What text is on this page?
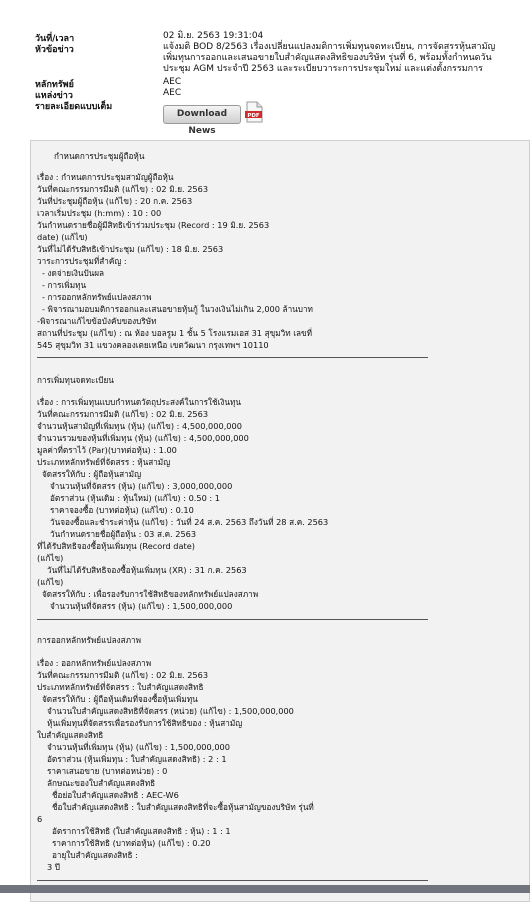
วันที่/เวลา	02 มิ.ย. 2563 19:31:04
หัวข้อข่าว	แจ้งมติ BOD 8/2563 เรื่องเปลี่ยนแปลงมติการเพิ่มทุนจดทะเบียน, การจัดสรรหุ้นสามัญ
เพิ่มทุนการออกและเสนอขายใบสำคัญแสดงสิทธิของบริษัท รุ่นที่ 6, พร้อมทั้งกำหนดวัน
ประชุม AGM ประจำปี 2563 และระเบียบวาระการประชุมใหม่ และแต่งตั้งกรรมการ
หลักทรัพย์	AEC
แหล่งข่าว	AEC
รายละเอียดแบบเต็ม
Download News
PDF
กำหนดการประชุมผู้ถือหุ้น
เรื่อง : กำหนดการประชุมสามัญผู้ถือหุ้น
วันที่คณะกรรมการมีมติ (แก้ไข) : 02 มิ.ย. 2563
วันที่ประชุมผู้ถือหุ้น (แก้ไข) : 20 ก.ค. 2563
เวลาเริ่มประชุม (h:mm) : 10 : 00
วันกำหนดรายชื่อผู้มีสิทธิเข้าร่วมประชุม (Record : 19 มิ.ย. 2563
date) (แก้ไข)
วันที่ไม่ได้รับสิทธิเข้าประชุม (แก้ไข) : 18 มิ.ย. 2563
วาระการประชุมที่สำคัญ :
- งดจ่ายเงินปันผล
- การเพิ่มทุน
- การออกหลักทรัพย์แปลงสภาพ
- พิจารณามอบมติการออกและเสนอขายหุ้นกู้ ในวงเงินไม่เกิน 2,000 ล้านบาท
-พิจารณาแก้ไขข้อบังคับของบริษัท
สถานที่ประชุม (แก้ไข) : ณ ห้อง บอลรูม 1 ชั้น 5 โรงแรมเอส 31 สุขุมวิท เลขที่
545 สุขุมวิท 31 แขวงคลองเตยเหนือ เขตวัฒนา กรุงเทพฯ 10110
การเพิ่มทุนจดทะเบียน
เรื่อง : การเพิ่มทุนแบบกำหนดวัตถุประสงค์ในการใช้เงินทุน
วันที่คณะกรรมการมีมติ (แก้ไข) : 02 มิ.ย. 2563
จำนวนหุ้นสามัญที่เพิ่มทุน (หุ้น) (แก้ไข) : 4,500,000,000
จำนวนรวมของหุ้นที่เพิ่มทุน (หุ้น) (แก้ไข) : 4,500,000,000
มูลค่าที่ตราไว้ (Par)(บาทต่อหุ้น) : 1.00
ประเภทหลักทรัพย์ที่จัดสรร : หุ้นสามัญ
จัดสรรให้กับ : ผู้ถือหุ้นสามัญ
จำนวนหุ้นที่จัดสรร (หุ้น) (แก้ไข) : 3,000,000,000
อัตราส่วน (หุ้นเดิม : หุ้นใหม่) (แก้ไข) : 0.50 : 1
ราคาจองซื้อ (บาทต่อหุ้น) (แก้ไข) : 0.10
วันจองซื้อและชำระค่าหุ้น (แก้ไข) : วันที่ 24 ส.ค. 2563 ถึงวันที่ 28 ส.ค. 2563
วันกำหนดรายชื่อผู้ถือหุ้น : 03 ส.ค. 2563
ที่ได้รับสิทธิจองซื้อหุ้นเพิ่มทุน (Record date)
(แก้ไข)
วันที่ไม่ได้รับสิทธิจองซื้อหุ้นเพิ่มทุน (XR) : 31 ก.ค. 2563
(แก้ไข)
จัดสรรให้กับ : เพื่อรองรับการใช้สิทธิของหลักทรัพย์แปลงสภาพ
จำนวนหุ้นที่จัดสรร (หุ้น) (แก้ไข) : 1,500,000,000
การออกหลักทรัพย์แปลงสภาพ
เรื่อง : ออกหลักทรัพย์แปลงสภาพ
วันที่คณะกรรมการมีมติ (แก้ไข) : 02 มิ.ย. 2563
ประเภทหลักทรัพย์ที่จัดสรร : ใบสำคัญแสดงสิทธิ
จัดสรรให้กับ : ผู้ถือหุ้นเดิมที่จองซื้อหุ้นเพิ่มทุน
จำนวนใบสำคัญแสดงสิทธิที่จัดสรร (หน่วย) (แก้ไข) : 1,500,000,000
หุ้นเพิ่มทุนที่จัดสรรเพื่อรองรับการใช้สิทธิของ : หุ้นสามัญ
ใบสำคัญแสดงสิทธิ
จำนวนหุ้นที่เพิ่มทุน (หุ้น) (แก้ไข) : 1,500,000,000
อัตราส่วน (หุ้นเพิ่มทุน : ใบสำคัญแสดงสิทธิ) : 2 : 1
ราคาเสนอขาย (บาทต่อหน่วย) : 0
ลักษณะของใบสำคัญแสดงสิทธิ
ชื่อย่อใบสำคัญแสดงสิทธิ : AEC-W6
ชื่อใบสำคัญแสดงสิทธิ : ใบสำคัญแสดงสิทธิที่จะซื้อหุ้นสามัญของบริษัท รุ่นที่
6
อัตราการใช้สิทธิ (ใบสำคัญแสดงสิทธิ : หุ้น) : 1 : 1
ราคาการใช้สิทธิ (บาทต่อหุ้น) (แก้ไข) : 0.20
อายุใบสำคัญแสดงสิทธิ :
3 ปี
